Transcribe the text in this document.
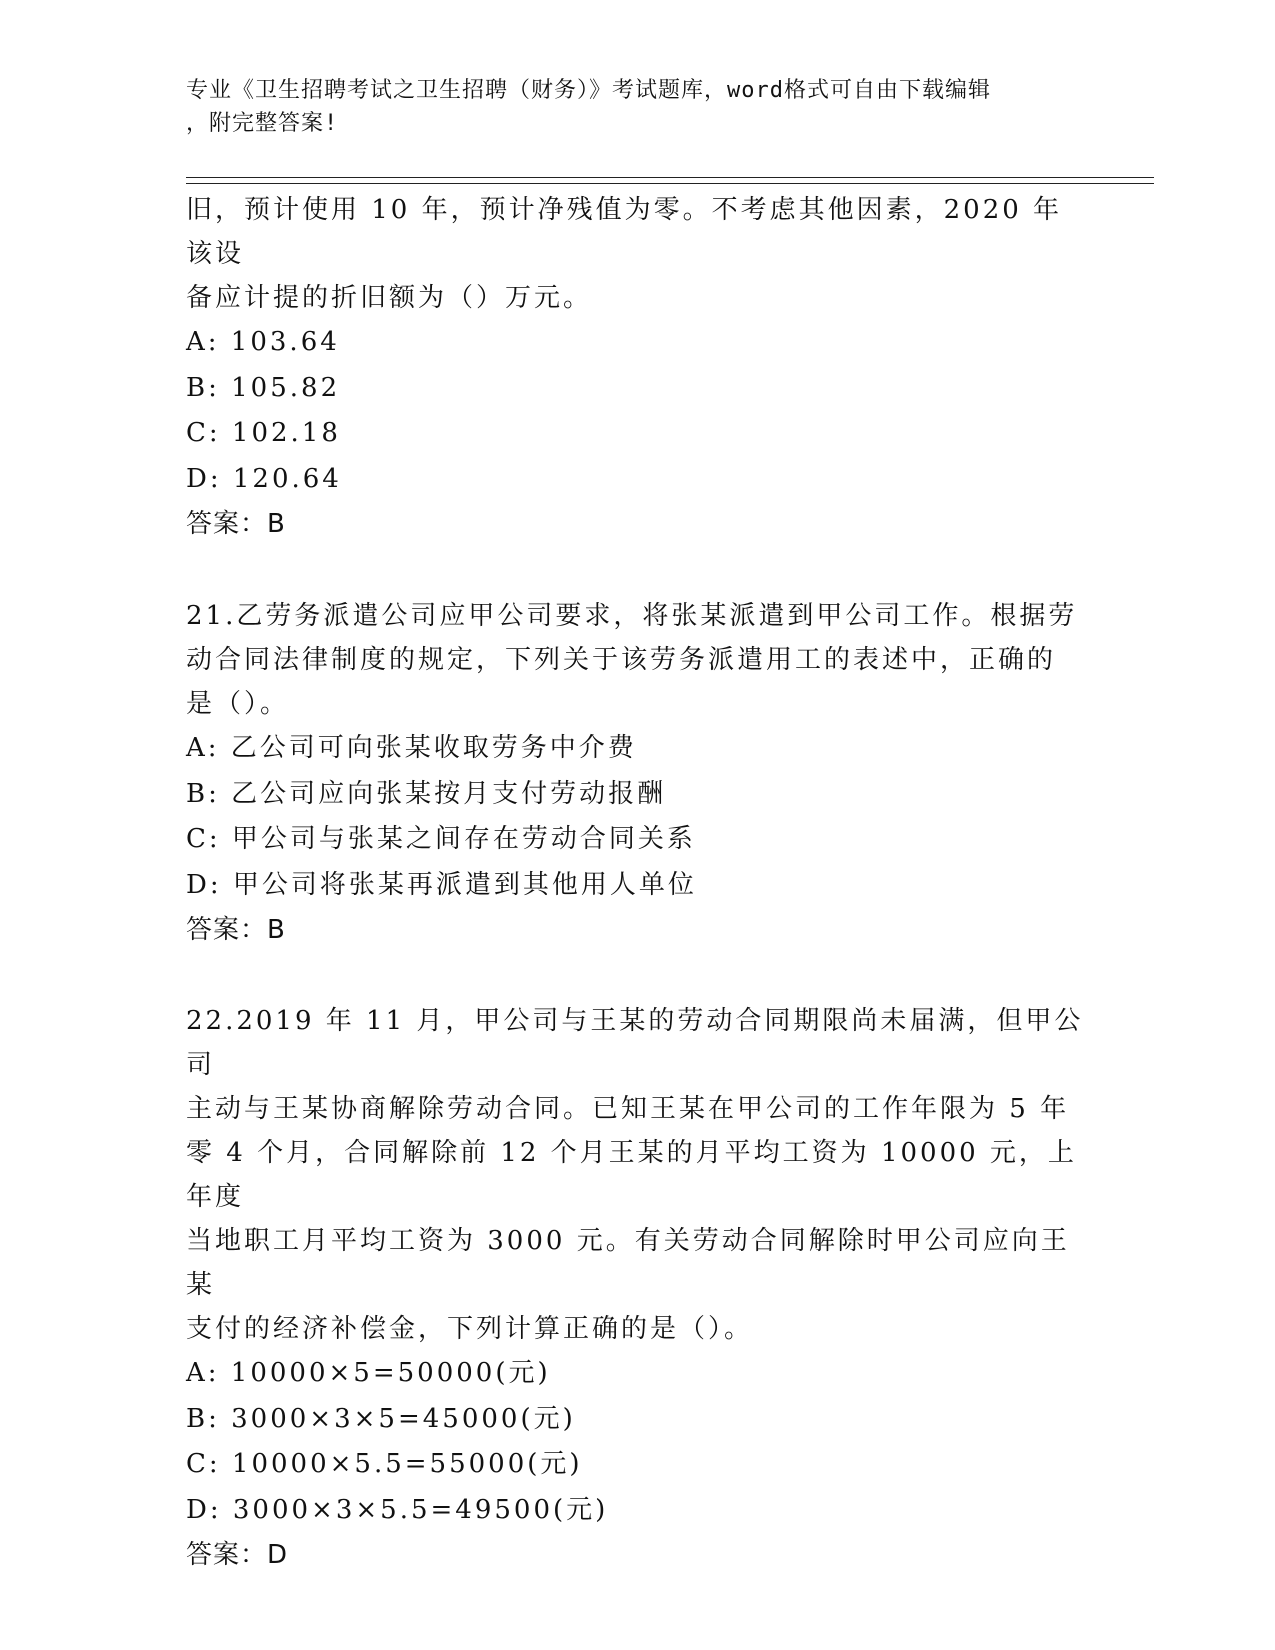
专业《卫生招聘考试之卫生招聘（财务）》考试题库，word格式可自由下载编辑
，附完整答案!
旧，预计使用 10 年，预计净残值为零。不考虑其他因素，2020 年该设
备应计提的折旧额为（）万元。
A: 103.64
B: 105.82
C: 102.18
D: 120.64
答案：B
21.乙劳务派遣公司应甲公司要求，将张某派遣到甲公司工作。根据劳
动合同法律制度的规定，下列关于该劳务派遣用工的表述中，正确的
是（）。
A: 乙公司可向张某收取劳务中介费
B: 乙公司应向张某按月支付劳动报酬
C: 甲公司与张某之间存在劳动合同关系
D: 甲公司将张某再派遣到其他用人单位
答案：B
22.2019 年 11 月，甲公司与王某的劳动合同期限尚未届满，但甲公司
主动与王某协商解除劳动合同。已知王某在甲公司的工作年限为 5 年
零 4 个月，合同解除前 12 个月王某的月平均工资为 10000 元，上年度
当地职工月平均工资为 3000 元。有关劳动合同解除时甲公司应向王某
支付的经济补偿金，下列计算正确的是（）。
A: 10000×5=50000(元)
B: 3000×3×5=45000(元)
C: 10000×5.5=55000(元)
D: 3000×3×5.5=49500(元)
答案：D
